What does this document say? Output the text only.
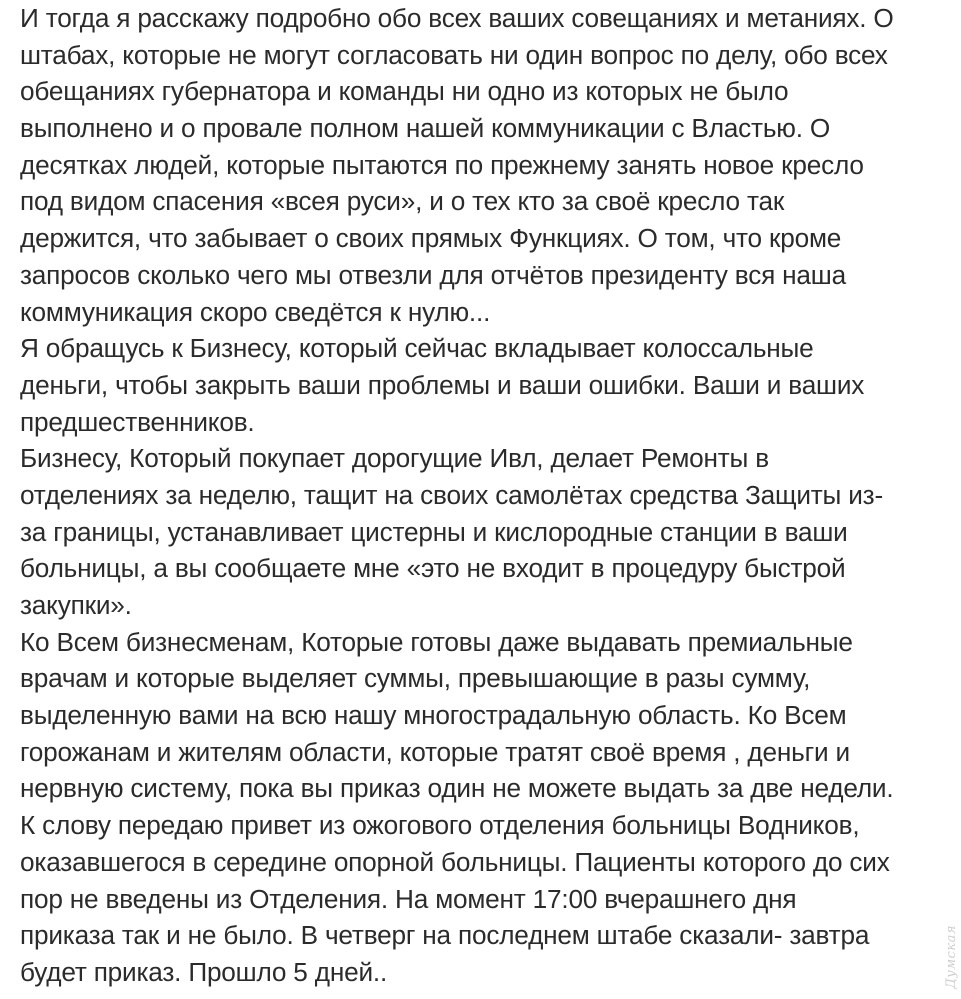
И тогда я расскажу подробно обо всех ваших совещаниях и метаниях. О
штабах, которые не могут согласовать ни один вопрос по делу, обо всех
обещаниях губернатора и команды ни одно из которых не было
выполнено и о провале полном нашей коммуникации с Властью. О
десятках людей, которые пытаются по прежнему занять новое кресло
под видом спасения «всея руси», и о тех кто за своё кресло так
держится, что забывает о своих прямых Функциях. О том, что кроме
запросов сколько чего мы отвезли для отчётов президенту вся наша
коммуникация скоро сведётся к нулю...
Я обращусь к Бизнесу, который сейчас вкладывает колоссальные
деньги, чтобы закрыть ваши проблемы и ваши ошибки. Ваши и ваших
предшественников.
Бизнесу, Который покупает дорогущие Ивл, делает Ремонты в
отделениях за неделю, тащит на своих самолётах средства Защиты из-
за границы, устанавливает цистерны и кислородные станции в ваши
больницы, а вы сообщаете мне «это не входит в процедуру быстрой
закупки».
Ко Всем бизнесменам, Которые готовы даже выдавать премиальные
врачам и которые выделяет суммы, превышающие в разы сумму,
выделенную вами на всю нашу многострадальную область. Ко Всем
горожанам и жителям области, которые тратят своё время , деньги и
нервную систему, пока вы приказ один не можете выдать за две недели.
К слову передаю привет из ожогового отделения больницы Водников,
оказавшегося в середине опорной больницы. Пациенты которого до сих
пор не введены из Отделения. На момент 17:00 вчерашнего дня
приказа так и не было. В четверг на последнем штабе сказали- завтра
будет приказ. Прошло 5 дней..	Думская
